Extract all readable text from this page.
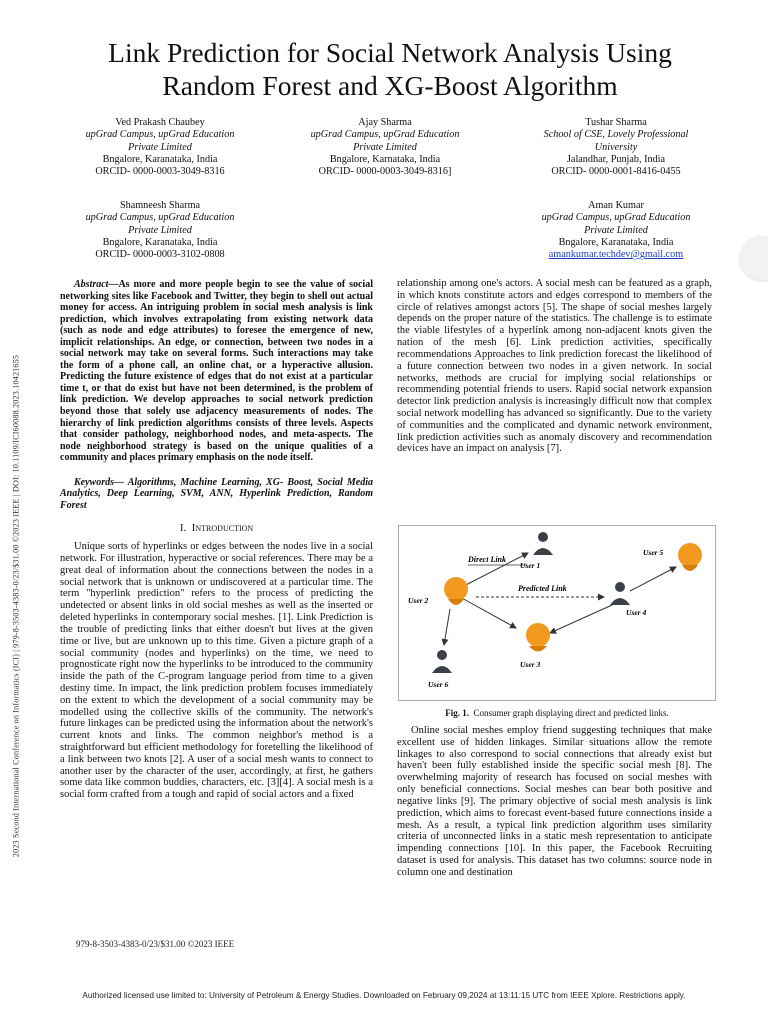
Link Prediction for Social Network Analysis Using
Random Forest and XG-Boost Algorithm
Ved Prakash Chaubey
upGrad Campus, upGrad Education
Private Limited
Bngalore, Karanataka, India
ORCID- 0000-0003-3049-8316
Ajay Sharma
upGrad Campus, upGrad Education
Private Limited
Bngalore, Karnataka, India
ORCID- 0000-0003-3049-8316]
Tushar Sharma
School of CSE, Lovely Professional
University
Jalandhar, Punjab, India
ORCID- 0000-0001-8416-0455
Shamneesh Sharma
upGrad Campus, upGrad Education
Private Limited
Bngalore, Karanataka, India
ORCID- 0000-0003-3102-0808
Aman Kumar
upGrad Campus, upGrad Education
Private Limited
Bngalore, Karanataka, India
amankumar.techdev@gmail.com
2023 Second International Conference on Informatics (ICI) | 979-8-3503-4383-0/23/$31.00 ©2023 IEEE | DOI: 10.1109/ICI60088.2023.10421655
Abstract—As more and more people begin to see the value of social networking sites like Facebook and Twitter, they begin to shell out actual money for access. An intriguing problem in social mesh analysis is link prediction, which involves extrapolating from existing network data (such as node and edge attributes) to foresee the emergence of new, implicit relationships. An edge, or connection, between two nodes in a social network may take on several forms. Such interactions may take the form of a phone call, an online chat, or a hyperactive allusion. Predicting the future existence of edges that do not exist at a particular time t, or that do exist but have not been determined, is the problem of link prediction. We develop approaches to social network prediction beyond those that solely use adjacency measurements of nodes. The hierarchy of link prediction algorithms consists of three levels. Aspects that consider pathology, neighborhood nodes, and meta-aspects. The node neighborhood strategy is based on the unique qualities of a community and places primary emphasis on the node itself.
Keywords— Algorithms, Machine Learning, XG- Boost, Social Media Analytics, Deep Learning, SVM, ANN, Hyperlink Prediction, Random Forest
I. Introduction
Unique sorts of hyperlinks or edges between the nodes live in a social network. For illustration, hyperactive or social references. There may be a great deal of information about the connections between the nodes in a social network that is unknown or undiscovered at a particular time. The term "hyperlink prediction" refers to the process of predicting the undetected or absent links in old social meshes as well as the inserted or deleted hyperlinks in contemporary social meshes. [1]. Link Prediction is the trouble of predicting links that either doesn't but lives at the given time or live, but are unknown up to this time. Given a picture graph of a social community (nodes and hyperlinks) on the time, we need to prognosticate right now the hyperlinks to be introduced to the community inside the path of the C-program language period from time to a given destiny time. In impact, the link prediction problem focuses immediately on the extent to which the development of a social community may be modelled using the collective skills of the community. The network's future linkages can be predicted using the information about the network's current knots and links. The common neighbor's method is a straightforward but efficient methodology for foretelling the likelihood of a link between two knots [2]. A user of a social mesh wants to connect to another user by the character of the user, accordingly, at first, he gathers some data like common buddies, characters, etc. [3][4]. A social mesh is a social form crafted from a tough and rapid of social actors and a fixed
relationship among one's actors. A social mesh can be featured as a graph, in which knots constitute actors and edges correspond to members of the circle of relatives amongst actors [5]. The shape of social meshes largely depends on the proper nature of the statistics. The challenge is to estimate the viable lifestyles of a hyperlink among non-adjacent knots given the nation of the mesh [6]. Link prediction activities, specifically recommendations Approaches to link prediction forecast the likelihood of a future connection between two nodes in a given network. In social networks, methods are crucial for implying social relationships or recommending potential friends to users. Rapid social network expansion detector link prediction analysis is increasingly difficult now that complex social network modelling has advanced so significantly. Due to the variety of communities and the complicated and dynamic network environment, link prediction activities such as anomaly discovery and recommendation devices have an impact on analysis [7].
Direct Link
Predicted Link
User 1
User 2
User 3
User 4
User 5
User 6
Fig. 1. Consumer graph displaying direct and predicted links.
Online social meshes employ friend suggesting techniques that make excellent use of hidden linkages. Similar situations allow the remote linkages to also correspond to social connections that already exist but haven't been fully established inside the specific social mesh [8]. The overwhelming majority of research has focused on social meshes with only beneficial connections. Social meshes can bear both positive and negative links [9]. The primary objective of social mesh analysis is link prediction, which aims to forecast event-based future connections inside a mesh. As a result, a typical link prediction algorithm uses similarity criteria of unconnected links in a static mesh representation to anticipate impending connections [10]. In this paper, the Facebook Recruiting dataset is used for analysis. This dataset has two columns: source node in column one and destination
979-8-3503-4383-0/23/$31.00 ©2023 IEEE
Authorized licensed use limited to: University of Petroleum & Energy Studies. Downloaded on February 09,2024 at 13:11:15 UTC from IEEE Xplore. Restrictions apply.
